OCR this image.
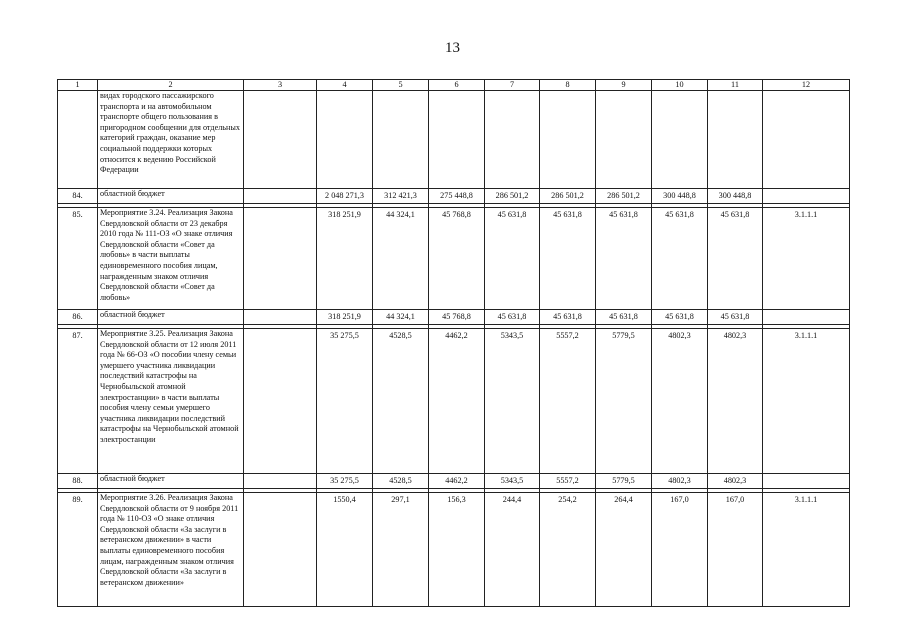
13
1	2	3	4	5	6	7	8	9	10	11	12
	видах городского пассажирского транспорта и на автомобильном транспорте общего пользования в пригородном сообщении для отдельных категорий граждан, оказание мер социальной поддержки которых относится к ведению Российской Федерации										
84.	областной бюджет		2 048 271,3	312 421,3	275 448,8	286 501,2	286 501,2	286 501,2	300 448,8	300 448,8	

85.	Мероприятие 3.24. Реализация Закона Свердловской области от 23 декабря 2010 года № 111-ОЗ «О знаке отличия Свердловской области «Совет да любовь» в части выплаты единовременного пособия лицам, награжденным знаком отличия Свердловской области «Совет да любовь»		318 251,9	44 324,1	45 768,8	45 631,8	45 631,8	45 631,8	45 631,8	45 631,8	3.1.1.1
86.	областной бюджет		318 251,9	44 324,1	45 768,8	45 631,8	45 631,8	45 631,8	45 631,8	45 631,8	

87.	Мероприятие 3.25. Реализация Закона Свердловской области от 12 июля 2011 года № 66-ОЗ «О пособии члену семьи умершего участника ликвидации последствий катастрофы на Чернобыльской атомной электростанции» в части выплаты пособия члену семьи умершего участника ликвидации последствий катастрофы на Чернобыльской атомной электростанции		35 275,5	4528,5	4462,2	5343,5	5557,2	5779,5	4802,3	4802,3	3.1.1.1
88.	областной бюджет		35 275,5	4528,5	4462,2	5343,5	5557,2	5779,5	4802,3	4802,3	

89.	Мероприятие 3.26. Реализация Закона Свердловской области от 9 ноября 2011 года № 110-ОЗ «О знаке отличия Свердловской области «За заслуги в ветеранском движении» в части выплаты единовременного пособия лицам, награжденным знаком отличия Свердловской области «За заслуги в ветеранском движении»		1550,4	297,1	156,3	244,4	254,2	264,4	167,0	167,0	3.1.1.1
